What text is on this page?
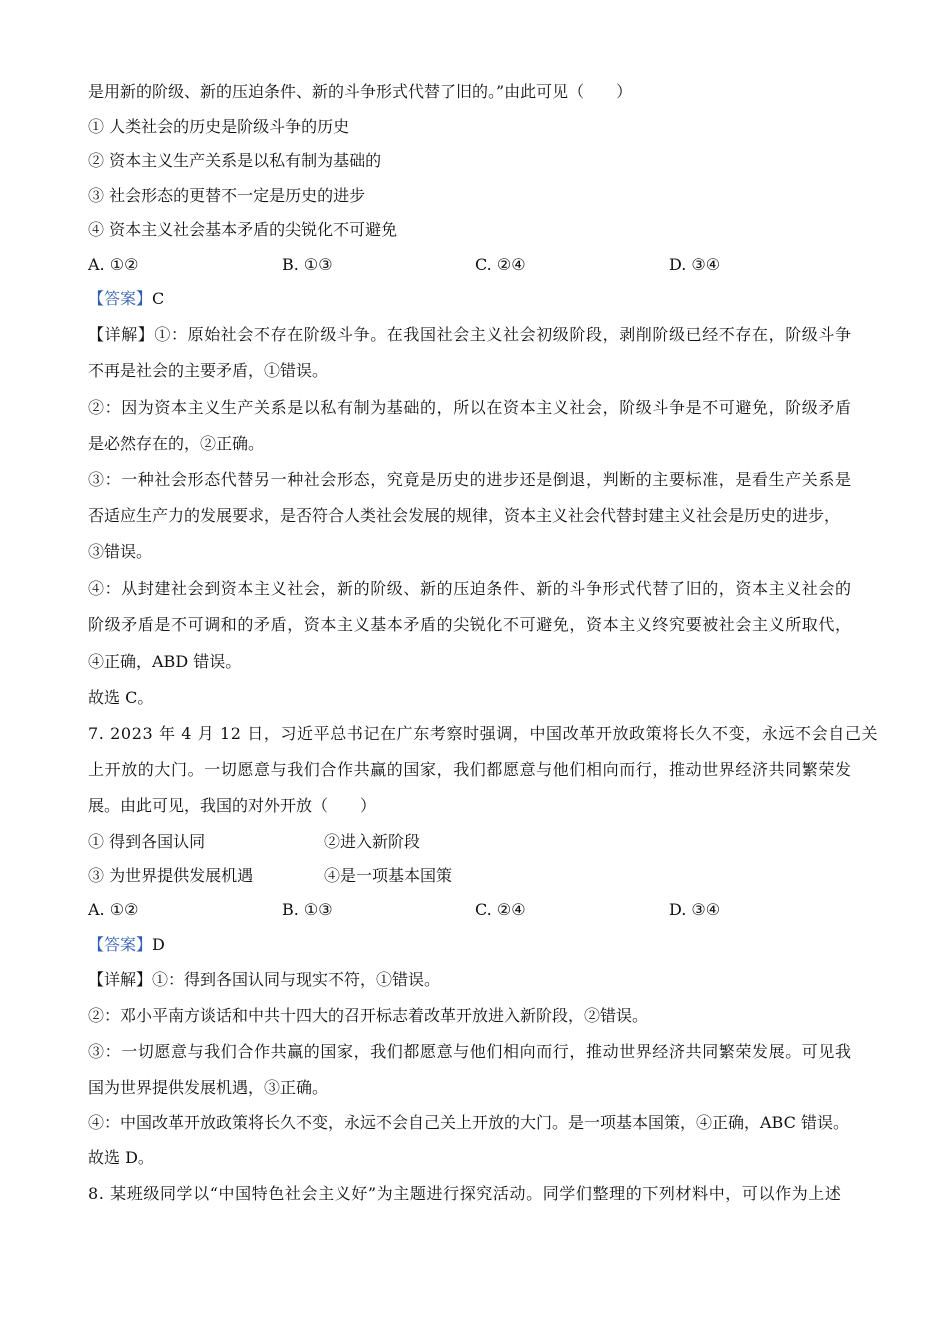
是用新的阶级、新的压迫条件、新的斗争形式代替了旧的。”由此可见（　　）
① 人类社会的历史是阶级斗争的历史
② 资本主义生产关系是以私有制为基础的
③ 社会形态的更替不一定是历史的进步
④ 资本主义社会基本矛盾的尖锐化不可避免
A. ①②	B. ①③	C. ②④	D. ③④
【答案】C
【详解】①：原始社会不存在阶级斗争。在我国社会主义社会初级阶段，剥削阶级已经不存在，阶级斗争
不再是社会的主要矛盾，①错误。
②：因为资本主义生产关系是以私有制为基础的，所以在资本主义社会，阶级斗争是不可避免，阶级矛盾
是必然存在的，②正确。
③：一种社会形态代替另一种社会形态，究竟是历史的进步还是倒退，判断的主要标准，是看生产关系是
否适应生产力的发展要求，是否符合人类社会发展的规律，资本主义社会代替封建主义社会是历史的进步，
③错误。
④：从封建社会到资本主义社会，新的阶级、新的压迫条件、新的斗争形式代替了旧的，资本主义社会的
阶级矛盾是不可调和的矛盾，资本主义基本矛盾的尖锐化不可避免，资本主义终究要被社会主义所取代，
④正确，ABD 错误。
故选 C。
7. 2023 年 4 月 12 日，习近平总书记在广东考察时强调，中国改革开放政策将长久不变，永远不会自己关
上开放的大门。一切愿意与我们合作共赢的国家，我们都愿意与他们相向而行，推动世界经济共同繁荣发
展。由此可见，我国的对外开放（　　）
① 得到各国认同	②进入新阶段
③ 为世界提供发展机遇	④是一项基本国策
A. ①②	B. ①③	C. ②④	D. ③④
【答案】D
【详解】①：得到各国认同与现实不符，①错误。
②：邓小平南方谈话和中共十四大的召开标志着改革开放进入新阶段，②错误。
③：一切愿意与我们合作共赢的国家，我们都愿意与他们相向而行，推动世界经济共同繁荣发展。可见我
国为世界提供发展机遇，③正确。
④：中国改革开放政策将长久不变，永远不会自己关上开放的大门。是一项基本国策，④正确，ABC 错误。
故选 D。
8. 某班级同学以“中国特色社会主义好”为主题进行探究活动。同学们整理的下列材料中，可以作为上述
